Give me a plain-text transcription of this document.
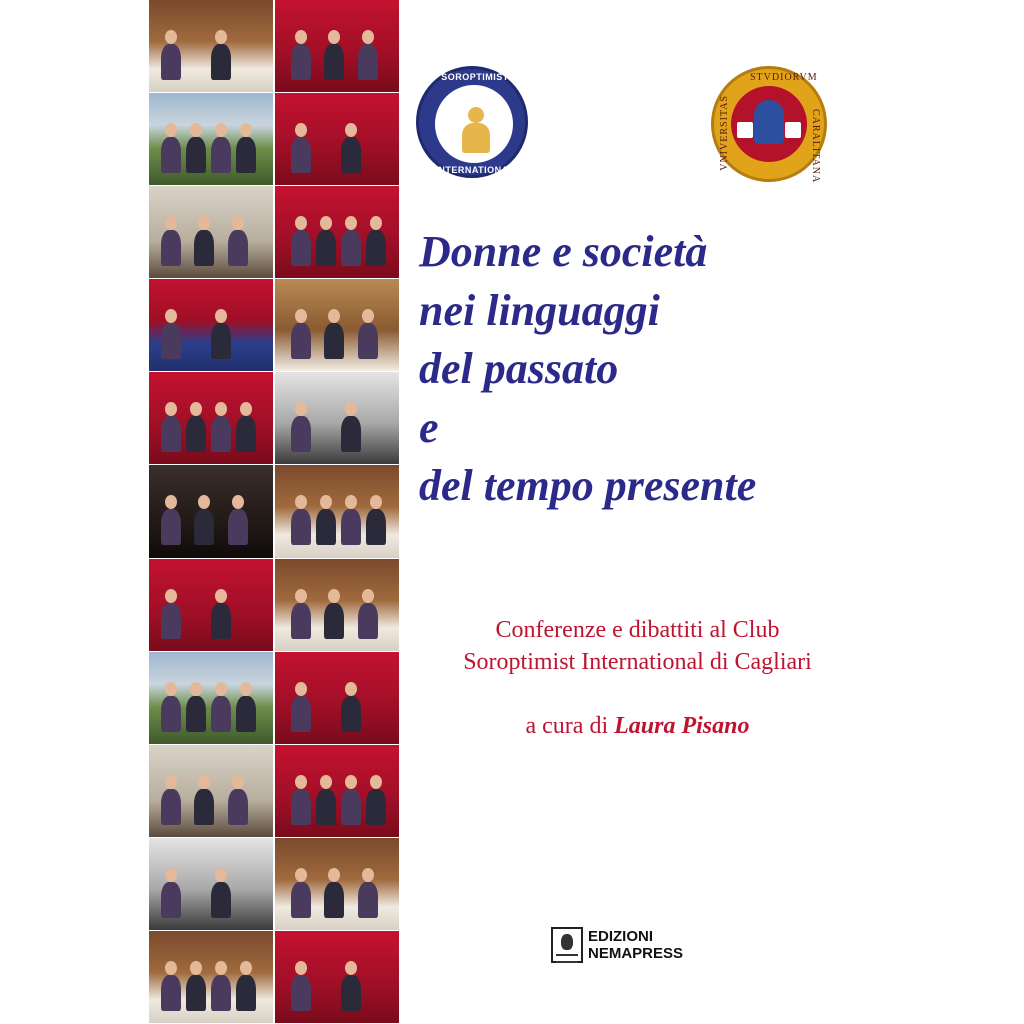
SOROPTIMIST
INTERNATIONAL
STVDIORVM
CARALITANA
VNIVERSITAS
Donne e società
nei linguaggi
del passato
e
del tempo presente
Conferenze e dibattiti al Club
Soroptimist International di Cagliari
a cura di Laura Pisano
EDIZIONI
NEMAPRESS
